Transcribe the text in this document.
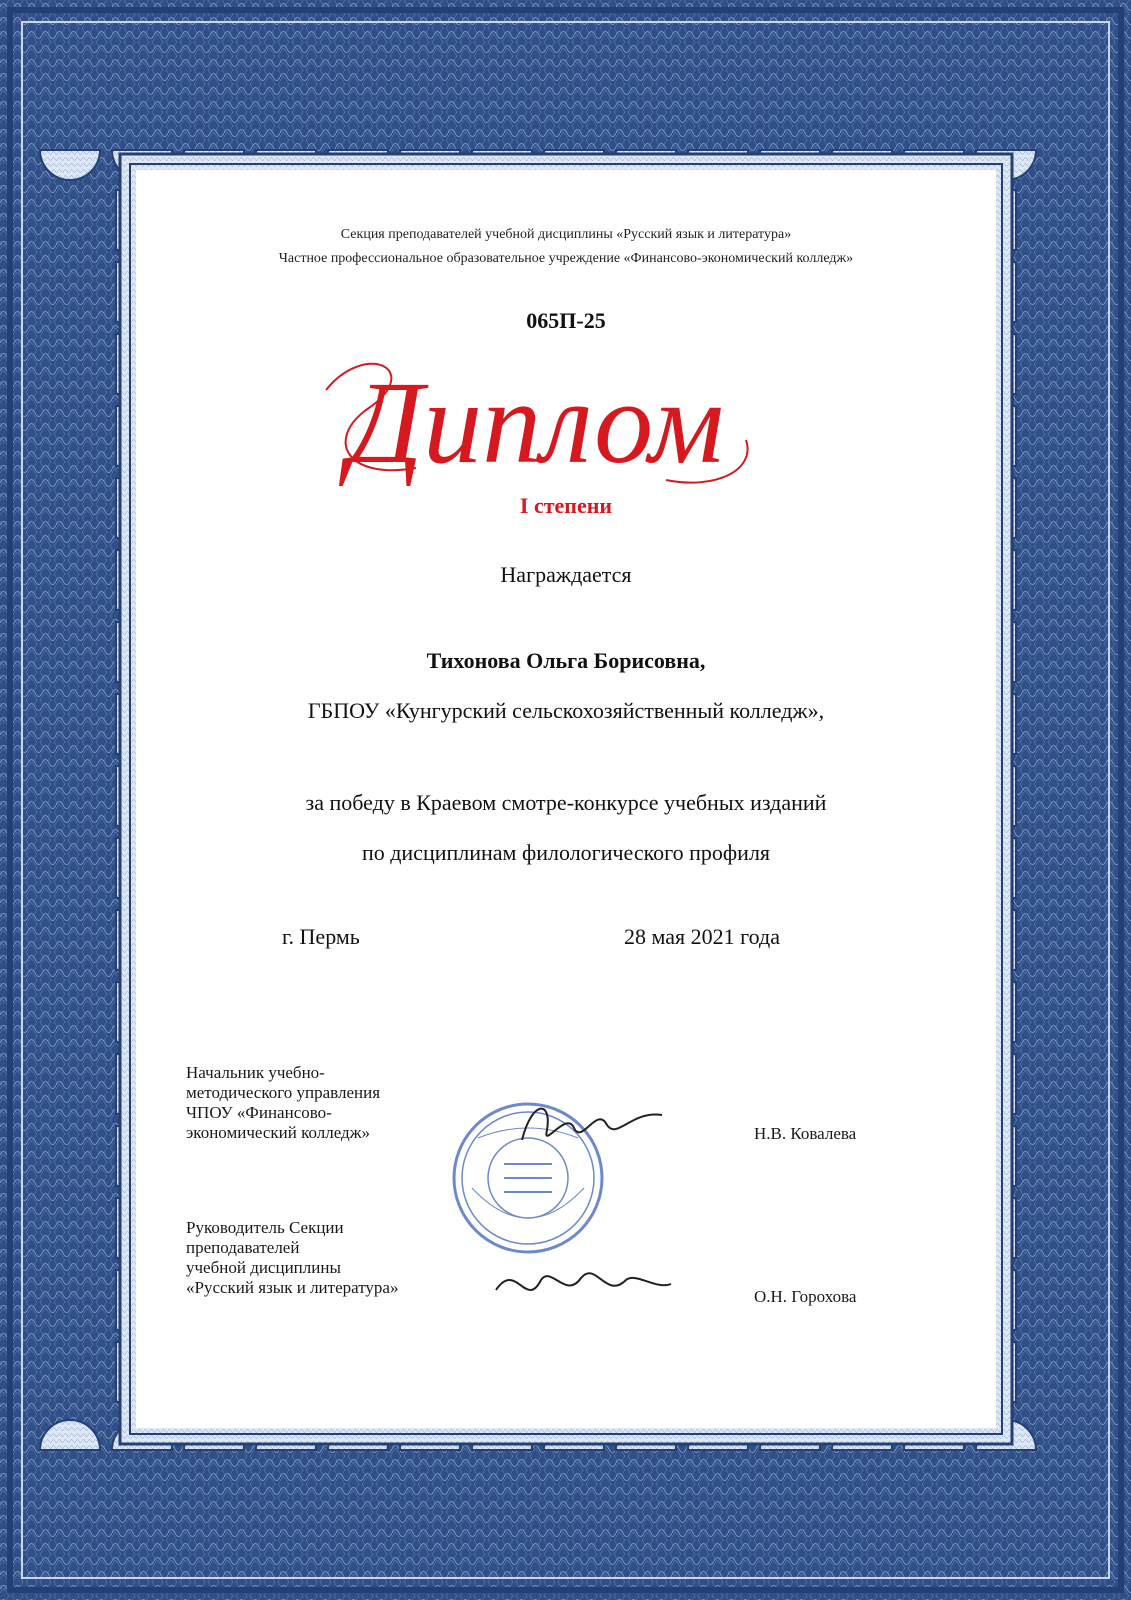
Секция преподавателей учебной дисциплины «Русский язык и литература»
Частное профессиональное образовательное учреждение «Финансово-экономический колледж»
065П-25
Диплом
I степени
Награждается
Тихонова Ольга Борисовна,
ГБПОУ «Кунгурский сельскохозяйственный колледж»,
за победу в Краевом смотре-конкурсе учебных изданий
по дисциплинам филологического профиля
г. Пермь	28 мая 2021 года
Начальник учебно-
методического управления
ЧПОУ «Финансово-
экономический колледж»	Н.В. Ковалева
Руководитель Секции
преподавателей
учебной дисциплины
«Русский язык и литература»	О.Н. Горохова
